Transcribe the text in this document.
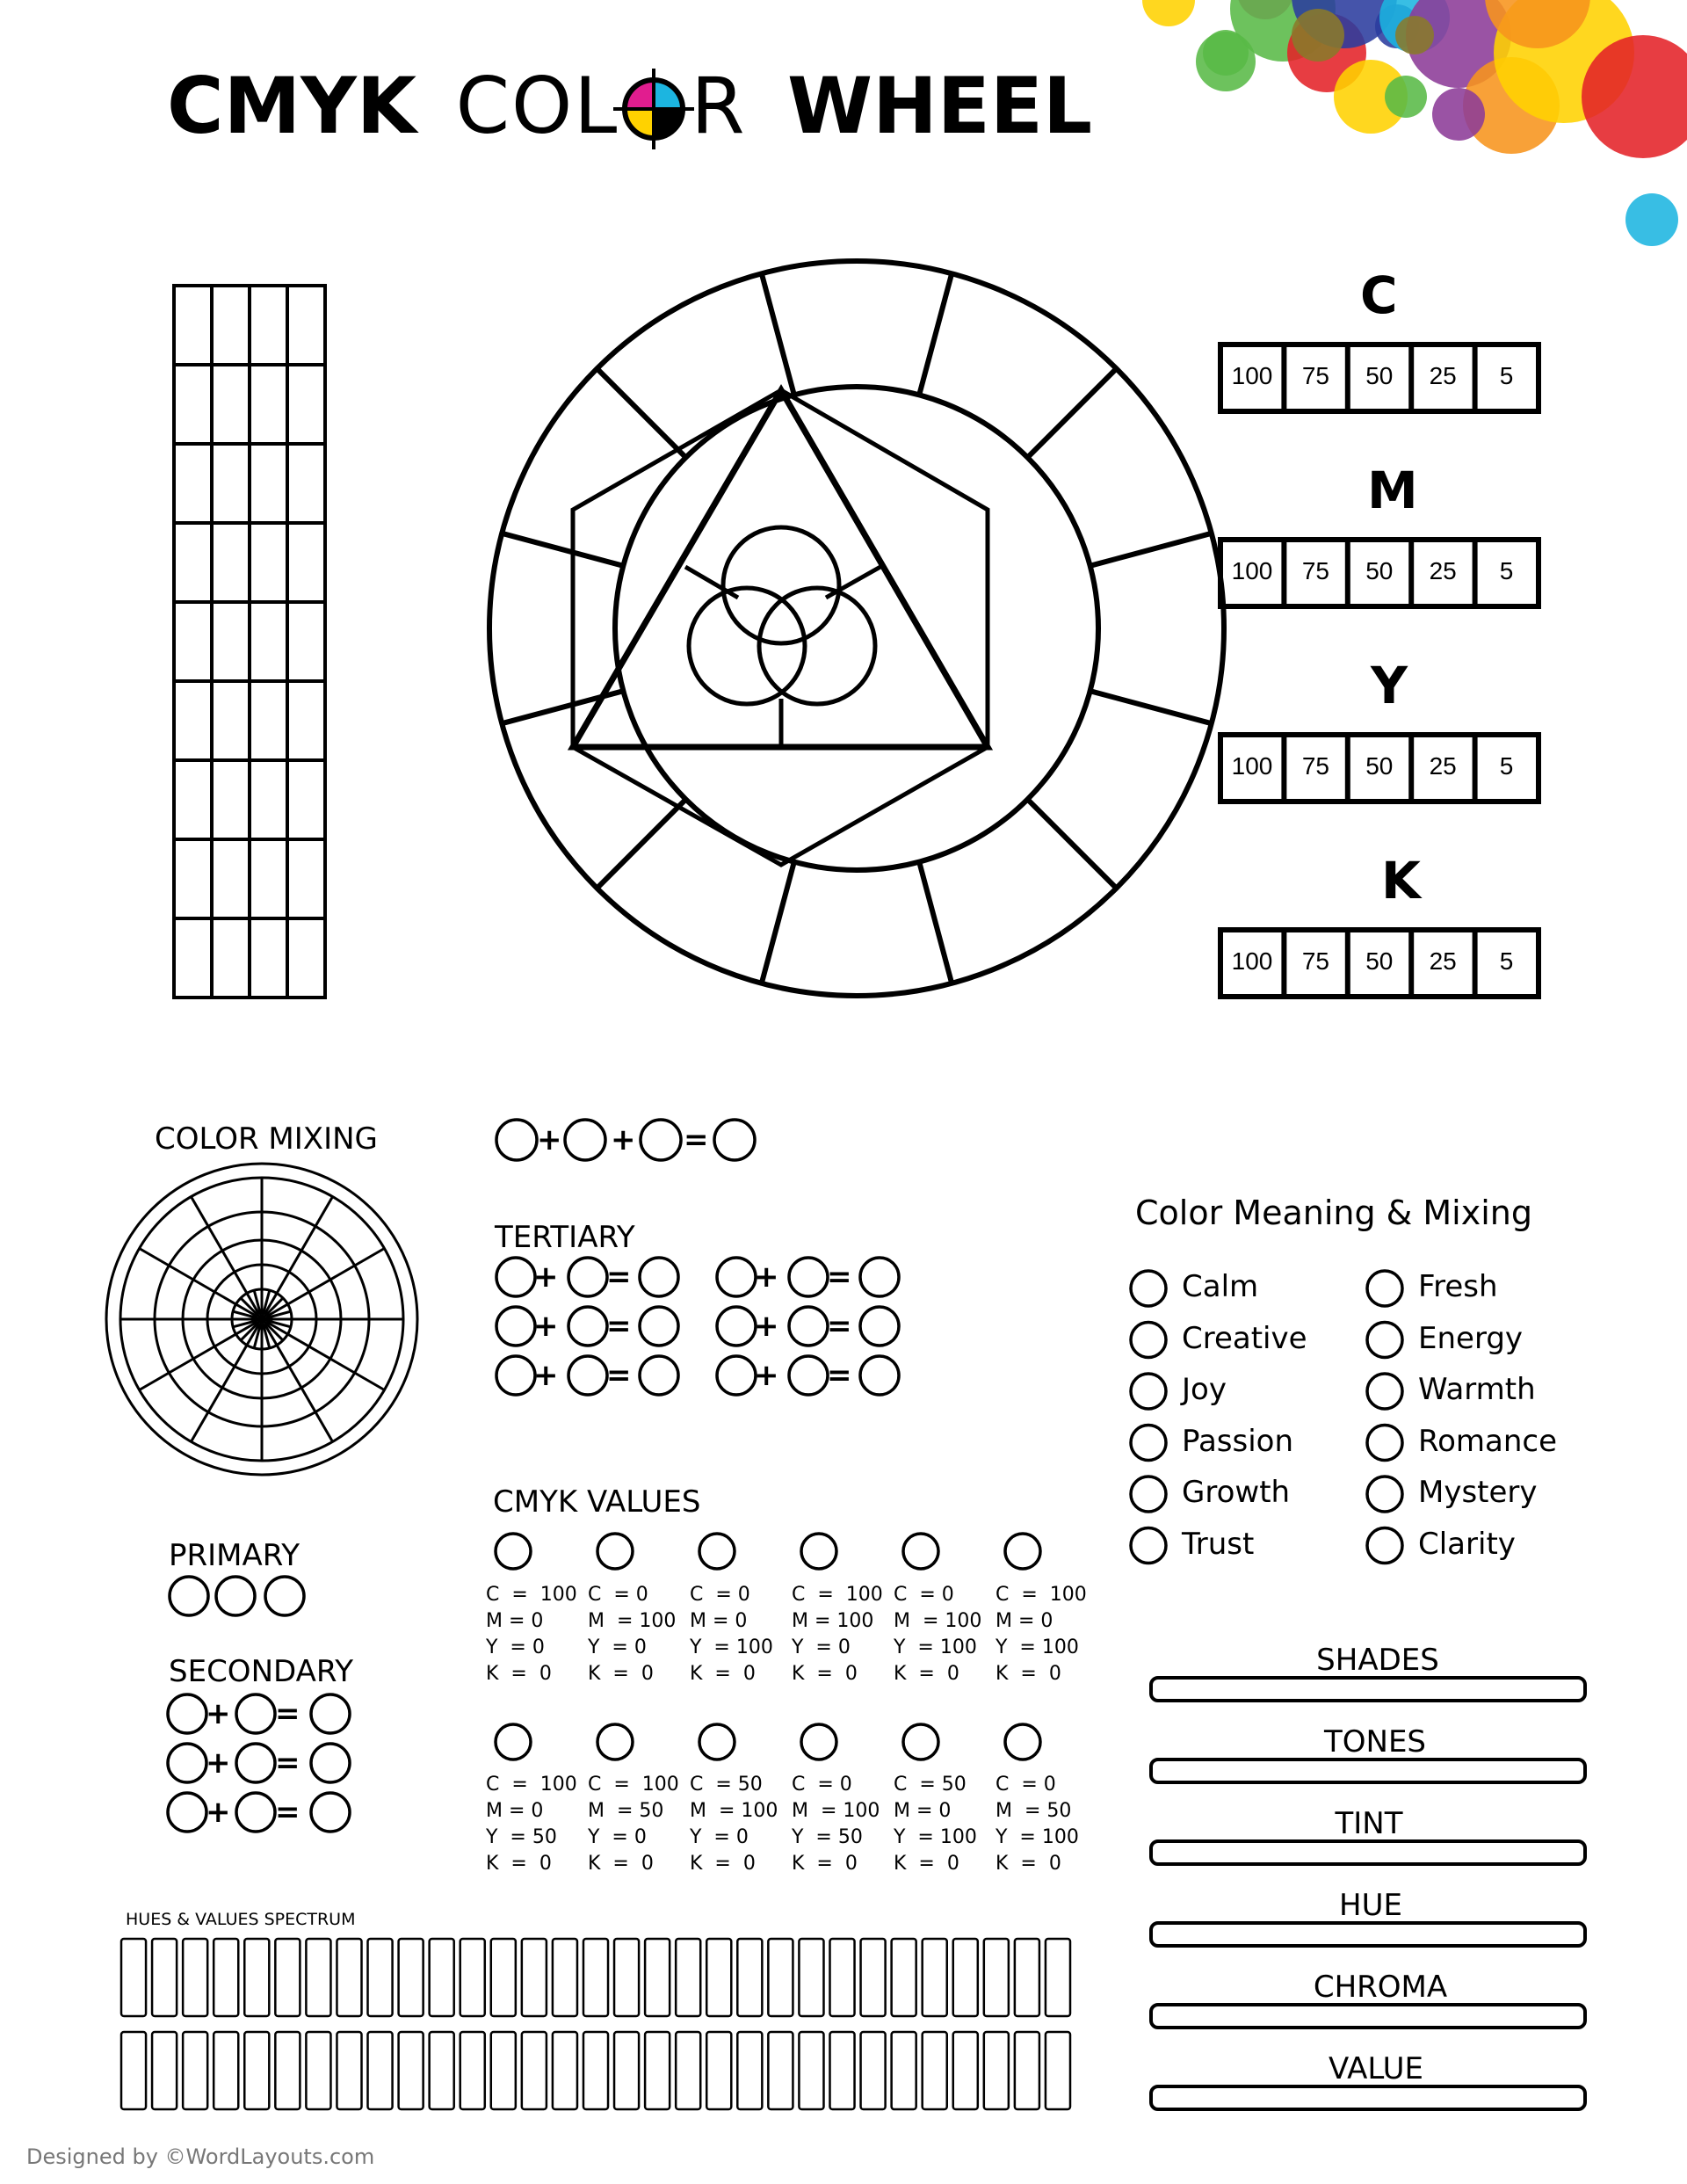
CMYK COL R WHEEL
C
100	75	50	25	5
M
100	75	50	25	5
Y
100	75	50	25	5
K
100	75	50	25	5
COLOR MIXING
TERTIARY
PRIMARY
SECONDARY
CMYK VALUES
Color Meaning & Mixing
HUES & VALUES SPECTRUM
+ + =
+ =	+ =
+ =	+ =
+ =	+ =
+ =
+ =
+ =
Calm	Fresh
Creative	Energy
Joy	Warmth
Passion	Romance
Growth	Mystery
Trust	Clarity
C  =  100
M = 0
Y  = 0
K  =  0
C  = 0
M  = 100
Y  = 0
K  =  0
C  = 0
M = 0
Y  = 100
K  =  0
C  =  100
M = 100
Y  = 0
K  =  0
C  = 0
M  = 100
Y  = 100
K  =  0
C  =  100
M = 0
Y  = 100
K  =  0
C  =  100
M = 0
Y  = 50
K  =  0
C  =  100
M  = 50
Y  = 0
K  =  0
C  = 50
M  = 100
Y  = 0
K  =  0
C  = 0
M  = 100
Y  = 50
K  =  0
C  = 50
M = 0
Y  = 100
K  =  0
C  = 0
M  = 50
Y  = 100
K  =  0
SHADES
TONES
TINT
HUE
CHROMA
VALUE
Designed by ©WordLayouts.com
